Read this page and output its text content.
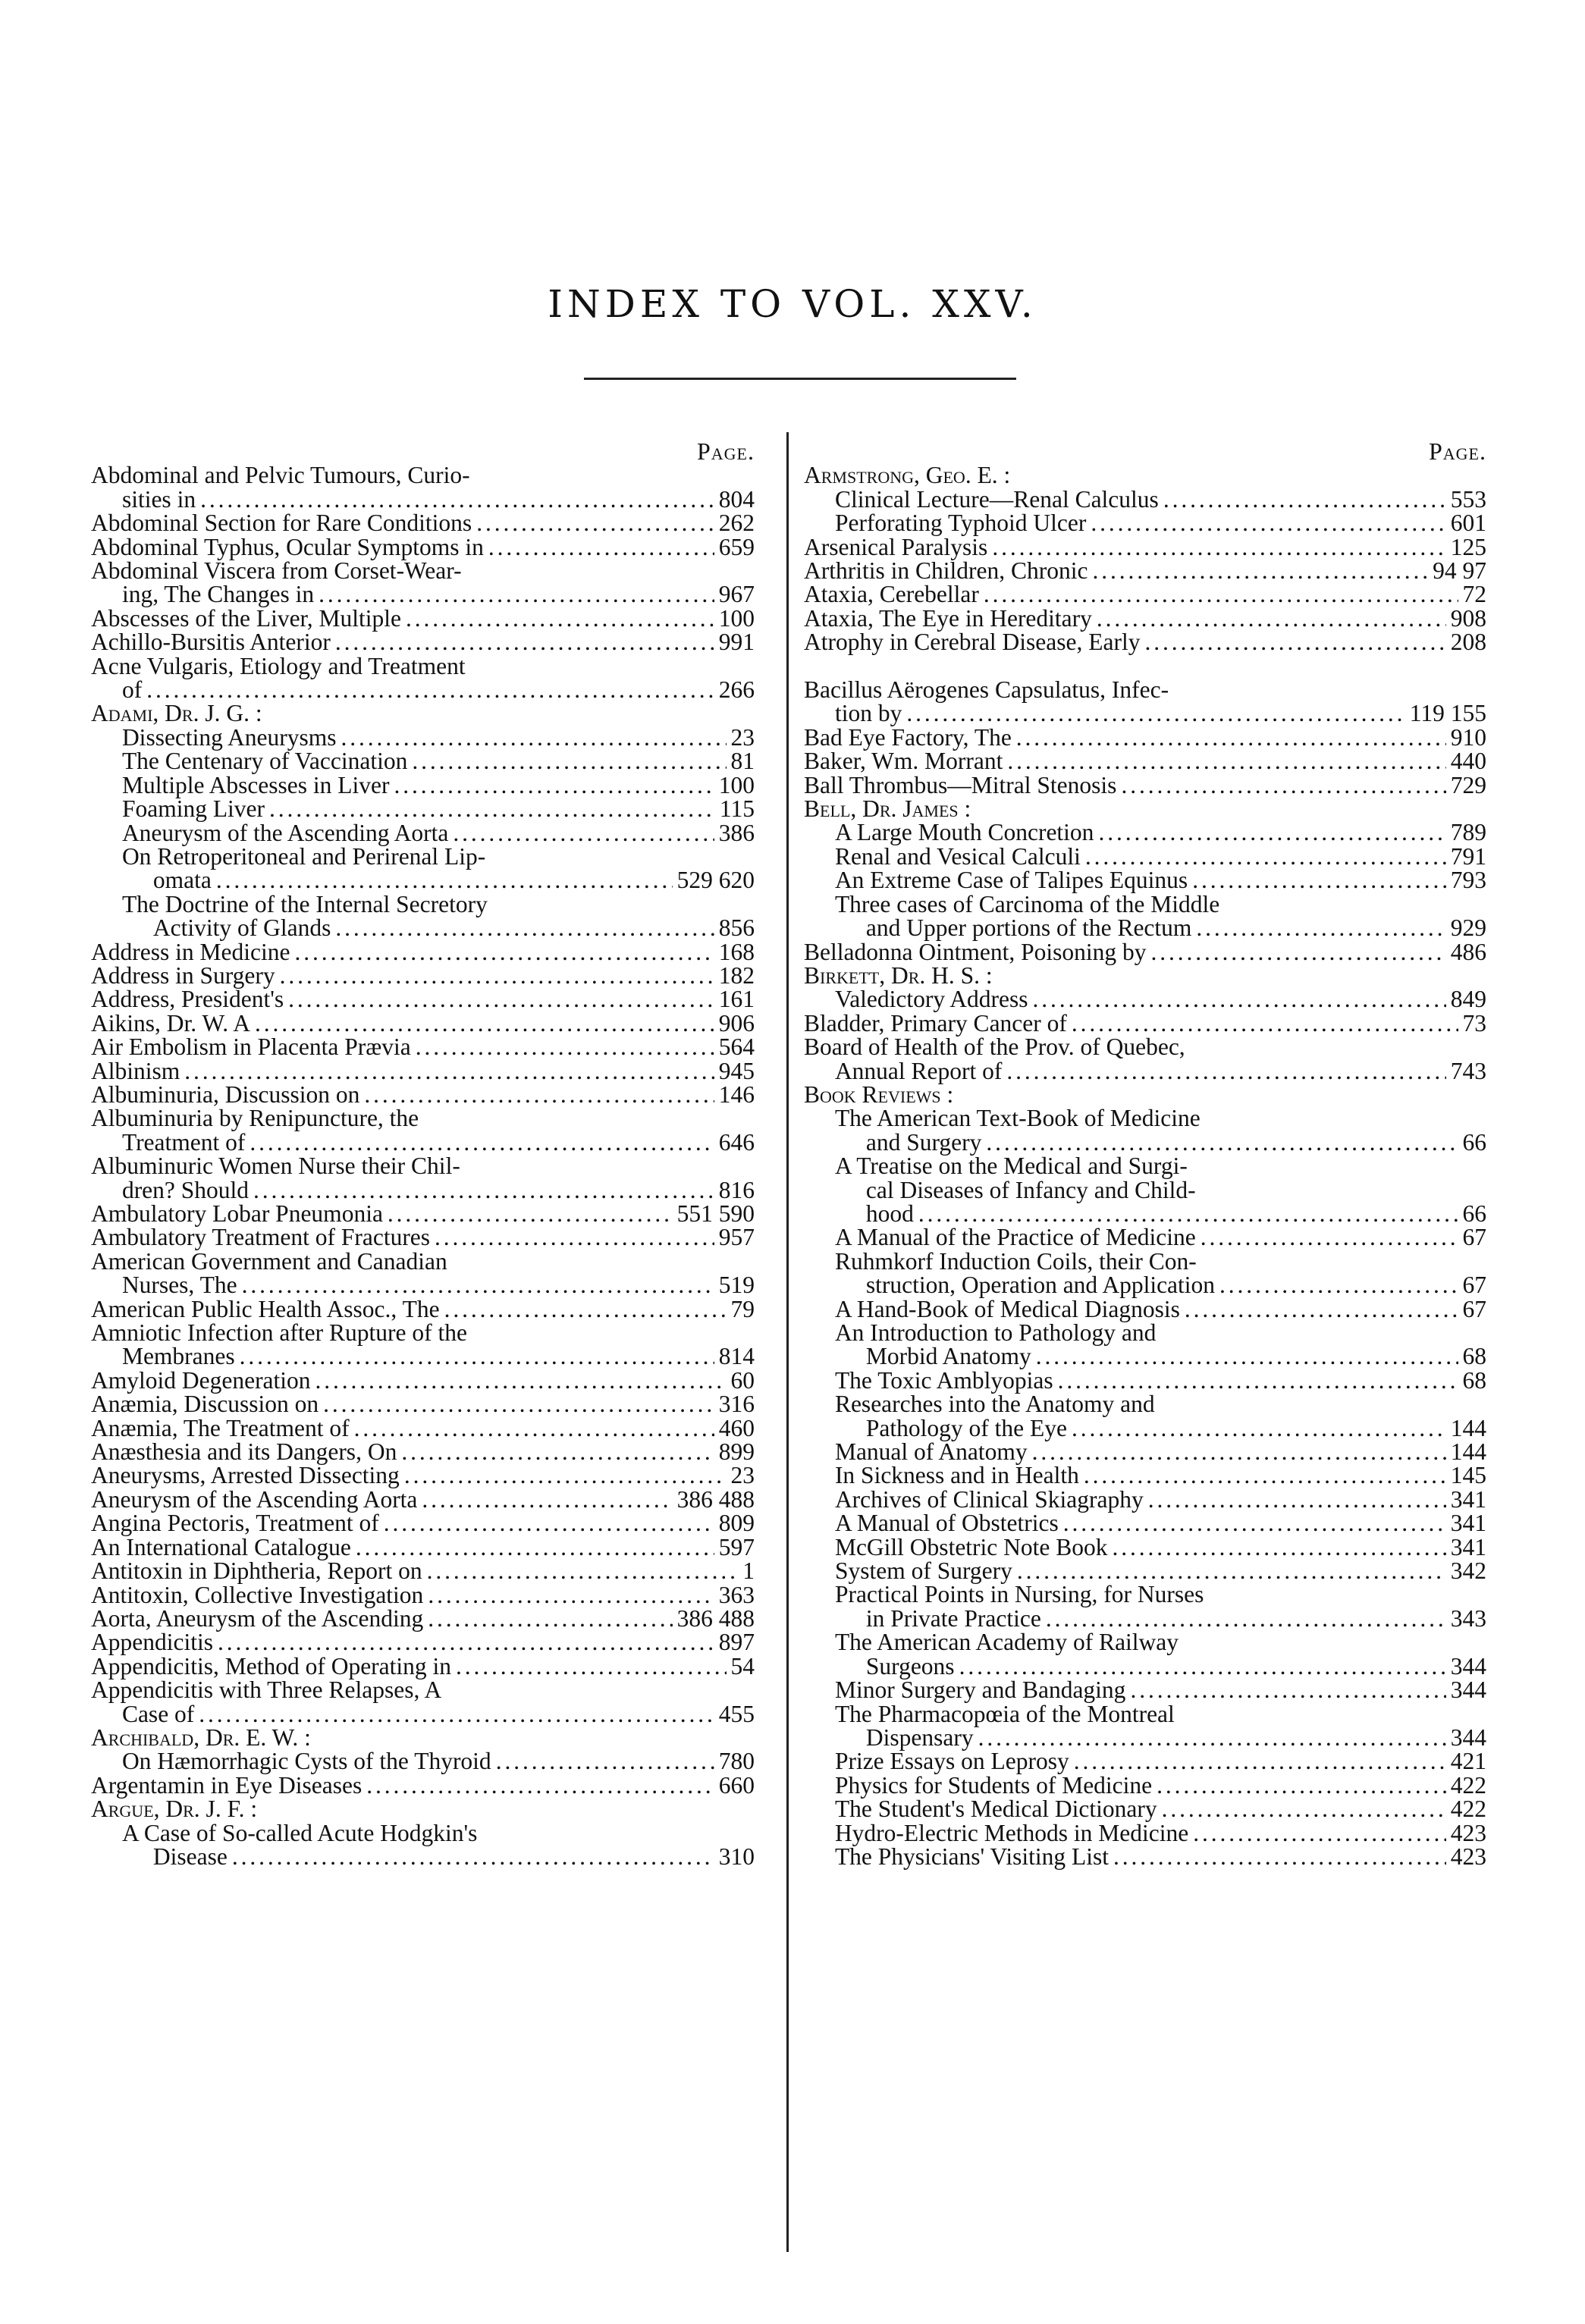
INDEX TO VOL. XXV.
Page.
Abdominal and Pelvic Tumours, Curio-
sities in . . .	804
Abdominal Section for Rare Conditions . . .	262
Abdominal Typhus, Ocular Symptoms in . . .	659
Abdominal Viscera from Corset-Wear-
ing, The Changes in . . .	967
Abscesses of the Liver, Multiple . . .	100
Achillo-Bursitis Anterior . . .	991
Acne Vulgaris, Etiology and Treatment
of . . .	266
Adami, Dr. J. G. :
Dissecting Aneurysms . . .	23
The Centenary of Vaccination . . .	81
Multiple Abscesses in Liver . . .	100
Foaming Liver . . .	115
Aneurysm of the Ascending Aorta . . .	386
On Retroperitoneal and Perirenal Lip-
omata . . .	529 620
The Doctrine of the Internal Secretory
Activity of Glands . . .	856
Address in Medicine . . .	168
Address in Surgery . . .	182
Address, President's . . .	161
Aikins, Dr. W. A . . .	906
Air Embolism in Placenta Prævia . . .	564
Albinism . . .	945
Albuminuria, Discussion on . . .	146
Albuminuria by Renipuncture, the
Treatment of . . .	646
Albuminuric Women Nurse their Chil-
dren? Should . . .	816
Ambulatory Lobar Pneumonia . . .	551 590
Ambulatory Treatment of Fractures . . .	957
American Government and Canadian
Nurses, The . . .	519
American Public Health Assoc., The . . .	79
Amniotic Infection after Rupture of the
Membranes . . .	814
Amyloid Degeneration . . .	60
Anæmia, Discussion on . . .	316
Anæmia, The Treatment of . . .	460
Anæsthesia and its Dangers, On . . .	899
Aneurysms, Arrested Dissecting . . .	23
Aneurysm of the Ascending Aorta . . .	386 488
Angina Pectoris, Treatment of . . .	809
An International Catalogue . . .	597
Antitoxin in Diphtheria, Report on . . .	1
Antitoxin, Collective Investigation . . .	363
Aorta, Aneurysm of the Ascending . . .	386 488
Appendicitis . . .	897
Appendicitis, Method of Operating in . . .	54
Appendicitis with Three Relapses, A
Case of . . .	455
Archibald, Dr. E. W. :
On Hæmorrhagic Cysts of the Thyroid . . .	780
Argentamin in Eye Diseases . . .	660
Argue, Dr. J. F. :
A Case of So-called Acute Hodgkin's
Disease . . .	310
Page.
Armstrong, Geo. E. :
Clinical Lecture—Renal Calculus . . .	553
Perforating Typhoid Ulcer . . .	601
Arsenical Paralysis . . .	125
Arthritis in Children, Chronic . . .	94 97
Ataxia, Cerebellar . . .	72
Ataxia, The Eye in Hereditary . . .	908
Atrophy in Cerebral Disease, Early . . .	208
Bacillus Aërogenes Capsulatus, Infec-
tion by . . .	119 155
Bad Eye Factory, The . . .	910
Baker, Wm. Morrant . . .	440
Ball Thrombus—Mitral Stenosis . . .	729
Bell, Dr. James :
A Large Mouth Concretion . . .	789
Renal and Vesical Calculi . . .	791
An Extreme Case of Talipes Equinus . . .	793
Three cases of Carcinoma of the Middle
and Upper portions of the Rectum . . .	929
Belladonna Ointment, Poisoning by . . .	486
Birkett, Dr. H. S. :
Valedictory Address . . .	849
Bladder, Primary Cancer of . . .	73
Board of Health of the Prov. of Quebec,
Annual Report of . . .	743
Book Reviews :
The American Text-Book of Medicine
and Surgery . . .	66
A Treatise on the Medical and Surgi-
cal Diseases of Infancy and Child-
hood . . .	66
A Manual of the Practice of Medicine . . .	67
Ruhmkorf Induction Coils, their Con-
struction, Operation and Application . . .	67
A Hand-Book of Medical Diagnosis . . .	67
An Introduction to Pathology and
Morbid Anatomy . . .	68
The Toxic Amblyopias . . .	68
Researches into the Anatomy and
Pathology of the Eye . . .	144
Manual of Anatomy . . .	144
In Sickness and in Health . . .	145
Archives of Clinical Skiagraphy . . .	341
A Manual of Obstetrics . . .	341
McGill Obstetric Note Book . . .	341
System of Surgery . . .	342
Practical Points in Nursing, for Nurses
in Private Practice . . .	343
The American Academy of Railway
Surgeons . . .	344
Minor Surgery and Bandaging . . .	344
The Pharmacopœia of the Montreal
Dispensary . . .	344
Prize Essays on Leprosy . . .	421
Physics for Students of Medicine . . .	422
The Student's Medical Dictionary . . .	422
Hydro-Electric Methods in Medicine . . .	423
The Physicians' Visiting List . . .	423
